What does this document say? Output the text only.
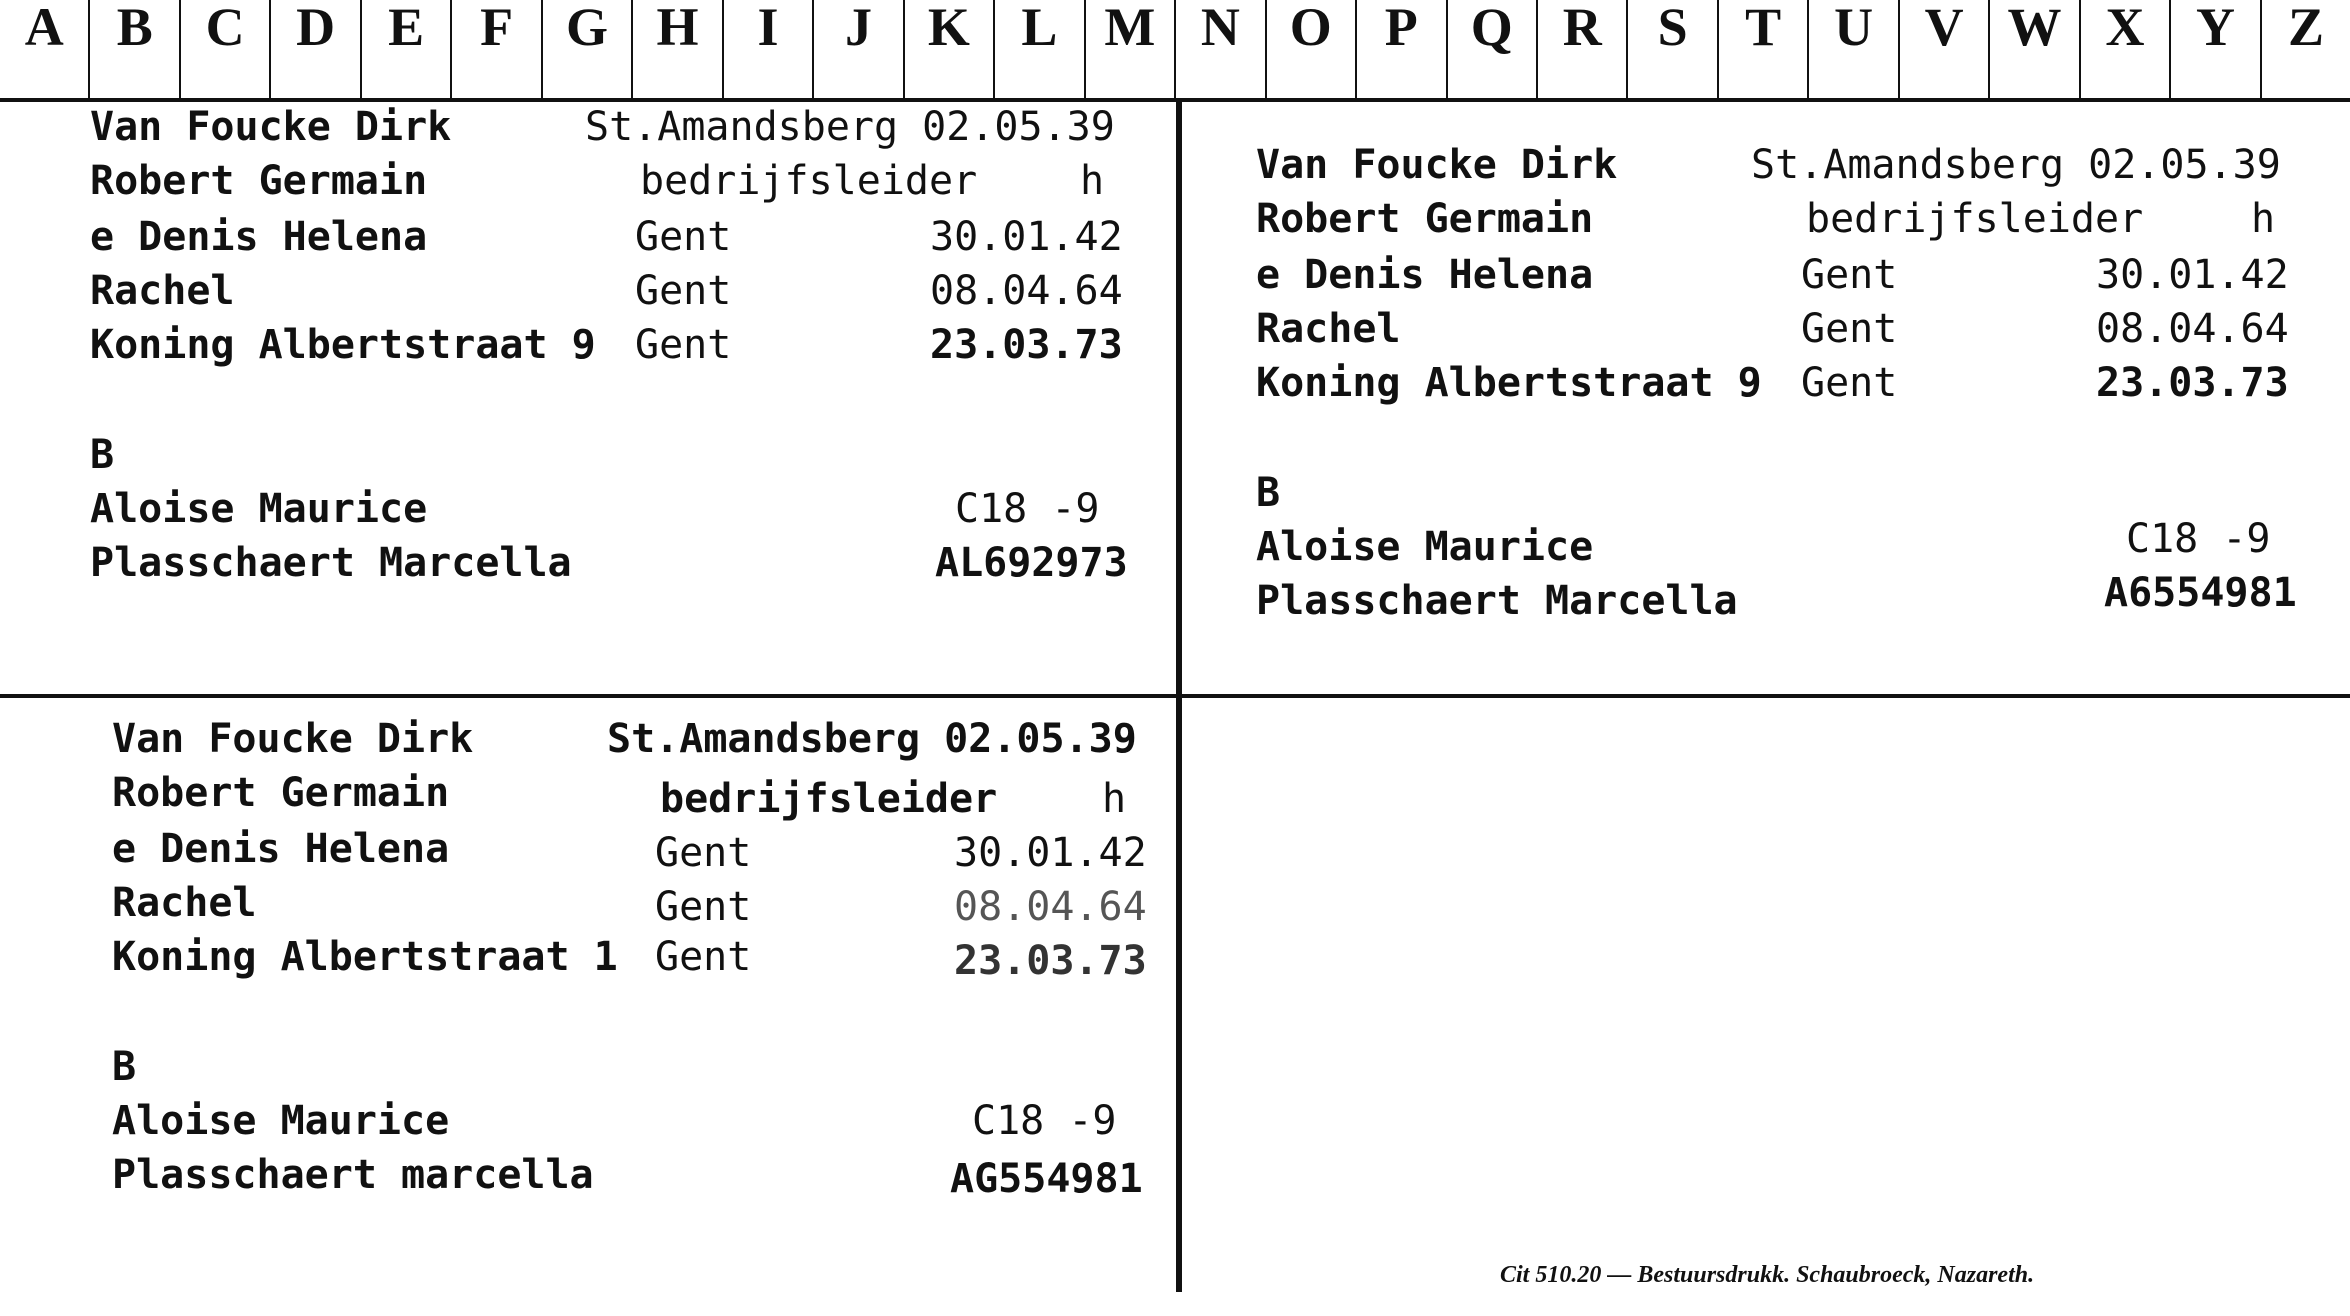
A B C D E	F G H	I	J	K L M N O P Q R	S	T U V W X Y Z
Van Foucke Dirk	St.Amandsberg 02.05.39
Robert Germain	bedrijfsleider	h
e Denis Helena	Gent	30.01.42
Rachel	Gent	08.04.64
Koning Albertstraat 9 Gent	23.03.73
B
Aloise Maurice	C18 -9
Plasschaert Marcella	AL692973
Van Foucke Dirk	St.Amandsberg 02.05.39
Robert Germain	bedrijfsleider	h
e Denis Helena	Gent	30.01.42
Rachel	Gent	08.04.64
Koning Albertstraat 9 Gent	23.03.73
B
Aloise Maurice	C18 -9
Plasschaert Marcella	A6554981
Van Foucke Dirk	St.Amandsberg 02.05.39
Robert Germain	bedrijfsleider	h
e Denis Helena	Gent	30.01.42
Rachel	Gent	08.04.64
Koning Albertstraat 1 Gent	23.03.73
B
Aloise Maurice	C18 -9
Plasschaert marcella	AG554981
Cit 510.20 — Bestuursdrukk. Schaubroeck, Nazareth.
